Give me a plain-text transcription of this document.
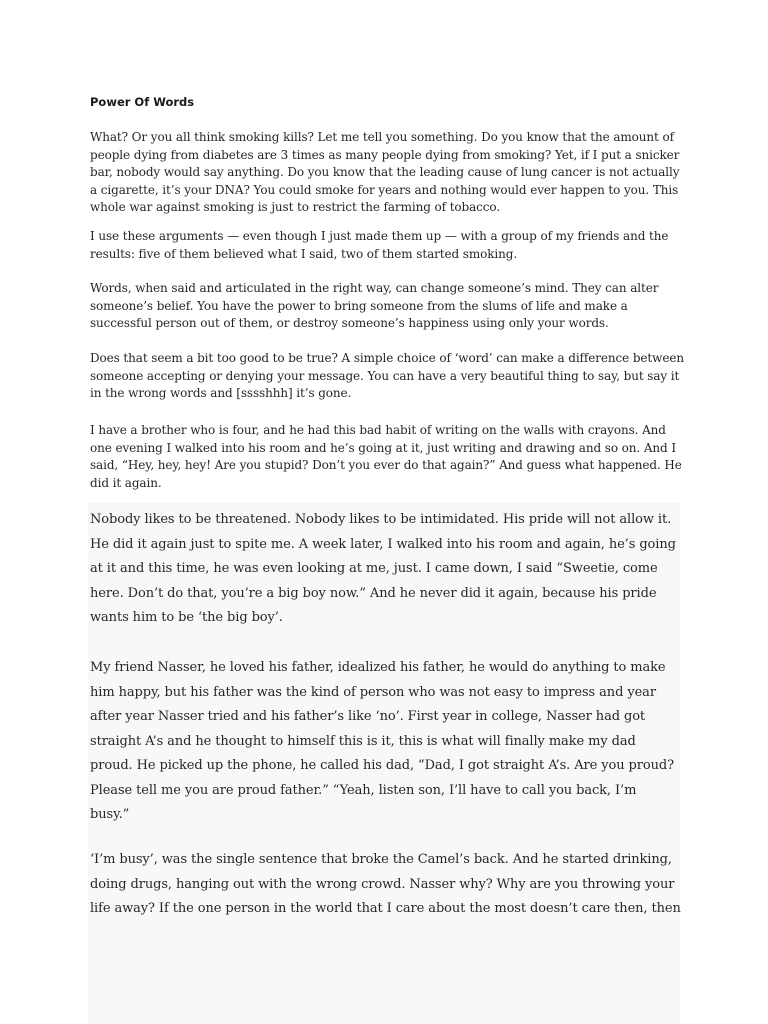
Power Of Words

What? Or you all think smoking kills? Let me tell you something. Do you know that the amount of
people dying from diabetes are 3 times as many people dying from smoking? Yet, if I put a snicker
bar, nobody would say anything. Do you know that the leading cause of lung cancer is not actually
a cigarette, it’s your DNA? You could smoke for years and nothing would ever happen to you. This
whole war against smoking is just to restrict the farming of tobacco.

I use these arguments — even though I just made them up — with a group of my friends and the
results: five of them believed what I said, two of them started smoking.

Words, when said and articulated in the right way, can change someone’s mind. They can alter
someone’s belief. You have the power to bring someone from the slums of life and make a
successful person out of them, or destroy someone’s happiness using only your words.

Does that seem a bit too good to be true? A simple choice of ‘word’ can make a difference between
someone accepting or denying your message. You can have a very beautiful thing to say, but say it
in the wrong words and [sssshhh] it’s gone.

I have a brother who is four, and he had this bad habit of writing on the walls with crayons. And
one evening I walked into his room and he’s going at it, just writing and drawing and so on. And I
said, “Hey, hey, hey! Are you stupid? Don’t you ever do that again?” And guess what happened. He
did it again.

Nobody likes to be threatened. Nobody likes to be intimidated. His pride will not allow it.
He did it again just to spite me. A week later, I walked into his room and again, he’s going
at it and this time, he was even looking at me, just. I came down, I said “Sweetie, come
here. Don’t do that, you’re a big boy now.” And he never did it again, because his pride
wants him to be ‘the big boy’.

My friend Nasser, he loved his father, idealized his father, he would do anything to make
him happy, but his father was the kind of person who was not easy to impress and year
after year Nasser tried and his father’s like ‘no’. First year in college, Nasser had got
straight A’s and he thought to himself this is it, this is what will finally make my dad
proud. He picked up the phone, he called his dad, “Dad, I got straight A’s. Are you proud?
Please tell me you are proud father.” “Yeah, listen son, I’ll have to call you back, I’m
busy.”

‘I’m busy’, was the single sentence that broke the Camel’s back. And he started drinking,
doing drugs, hanging out with the wrong crowd. Nasser why? Why are you throwing your
life away? If the one person in the world that I care about the most doesn’t care then, then
